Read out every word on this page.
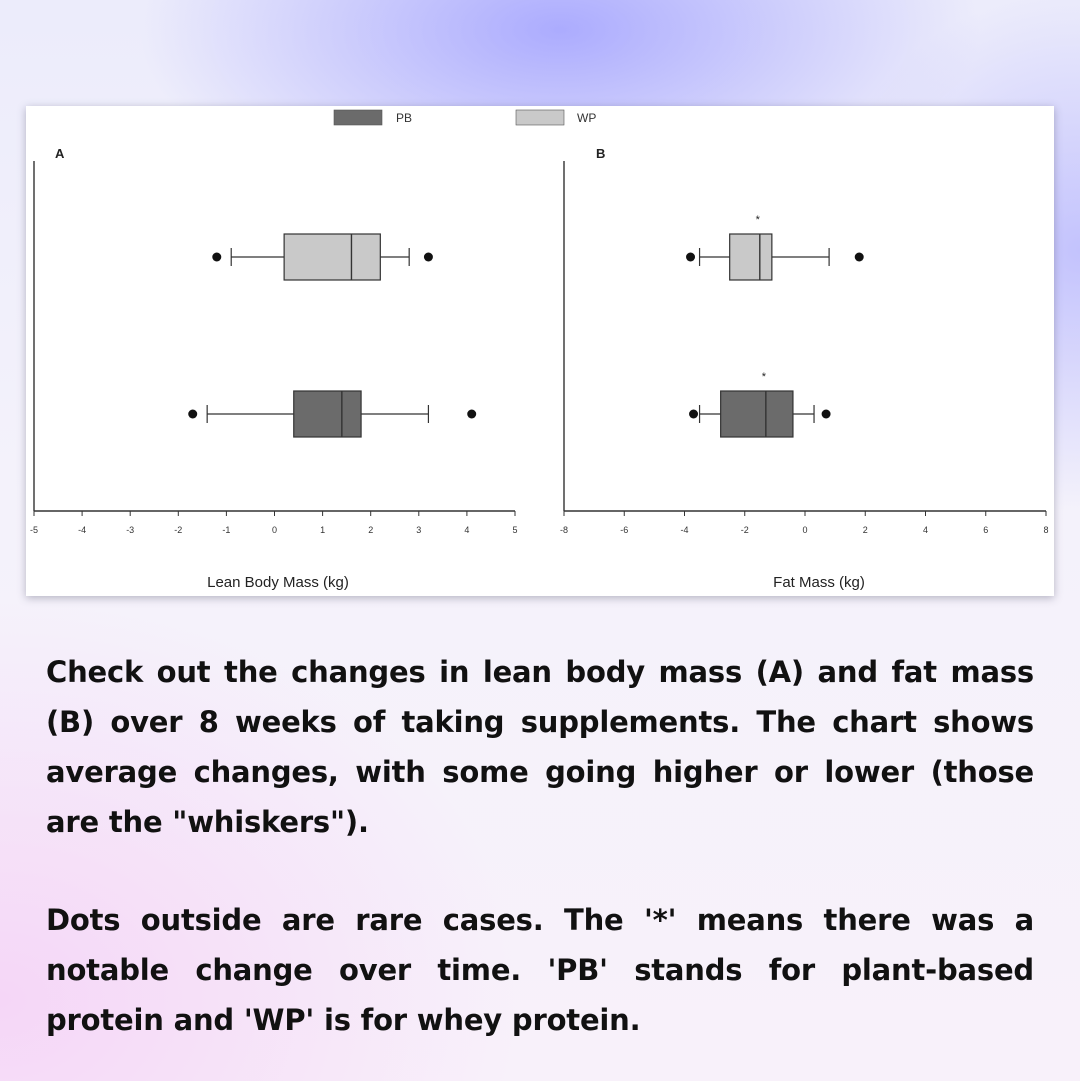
PB	WP
A
-5	-4	-3	-2	-1	0	1	2	3	4	5
Lean Body Mass (kg)
B
-8	-6	-4	-2	0	2	4	6	8
Fat Mass (kg)
*
*

Check out the changes in lean body mass (A) and fat mass (B) over 8 weeks of taking supplements. The chart shows average changes, with some going higher or lower (those are the "whiskers").

Dots outside are rare cases. The '*' means there was a notable change over time. 'PB' stands for plant-based protein and 'WP' is for whey protein.
